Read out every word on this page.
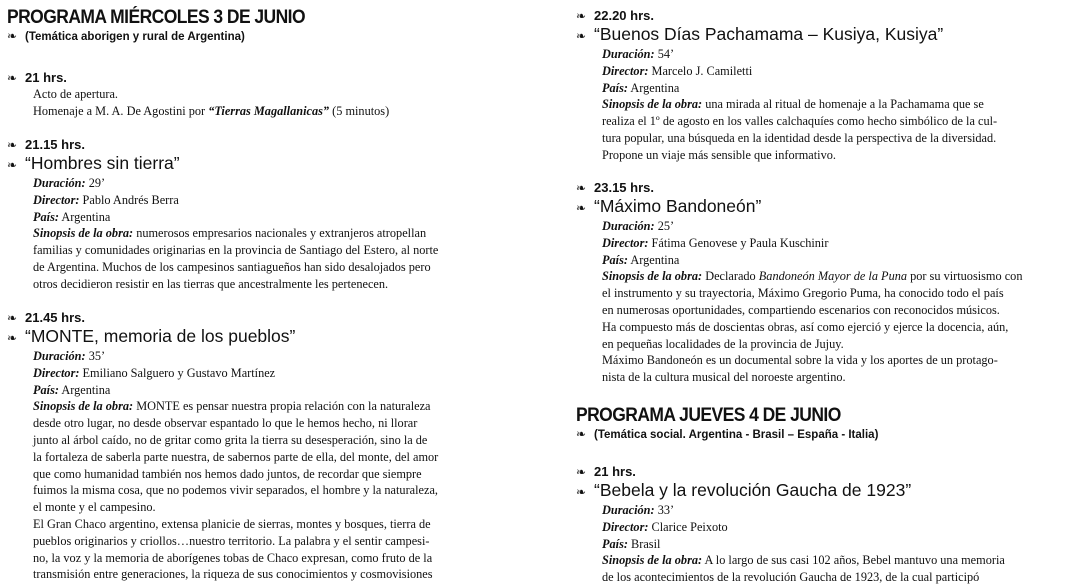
PROGRAMA MIÉRCOLES 3 DE JUNIO
❧ (Temática aborigen y rural de Argentina)
❧ 21 hrs.
Acto de apertura.
Homenaje a M. A. De Agostini por “Tierras Magallanicas” (5 minutos)
❧ 21.15 hrs.
❧ “Hombres sin tierra”
Duración: 29’
Director: Pablo Andrés Berra
País: Argentina
Sinopsis de la obra: numerosos empresarios nacionales y extranjeros atropellan
familias y comunidades originarias en la provincia de Santiago del Estero, al norte
de Argentina. Muchos de los campesinos santiagueños han sido desalojados pero
otros decidieron resistir en las tierras que ancestralmente les pertenecen.
❧ 21.45 hrs.
❧ “MONTE, memoria de los pueblos”
Duración: 35’
Director: Emiliano Salguero y Gustavo Martínez
País: Argentina
Sinopsis de la obra: MONTE es pensar nuestra propia relación con la naturaleza
desde otro lugar, no desde observar espantado lo que le hemos hecho, ni llorar
junto al árbol caído, no de gritar como grita la tierra su desesperación, sino la de
la fortaleza de saberla parte nuestra, de sabernos parte de ella, del monte, del amor
que como humanidad también nos hemos dado juntos, de recordar que siempre
fuimos la misma cosa, que no podemos vivir separados, el hombre y la naturaleza,
el monte y el campesino.
El Gran Chaco argentino, extensa planicie de sierras, montes y bosques, tierra de
pueblos originarios y criollos…nuestro territorio. La palabra y el sentir campesi-
no, la voz y la memoria de aborígenes tobas de Chaco expresan, como fruto de la
transmisión entre generaciones, la riqueza de sus conocimientos y cosmovisiones
❧ 22.20 hrs.
❧ “Buenos Días Pachamama – Kusiya, Kusiya”
Duración: 54’
Director: Marcelo J. Camiletti
País: Argentina
Sinopsis de la obra: una mirada al ritual de homenaje a la Pachamama que se
realiza el 1º de agosto en los valles calchaquíes como hecho simbólico de la cul-
tura popular, una búsqueda en la identidad desde la perspectiva de la diversidad.
Propone un viaje más sensible que informativo.
❧ 23.15 hrs.
❧ “Máximo Bandoneón”
Duración: 25’
Director: Fátima Genovese y Paula Kuschinir
País: Argentina
Sinopsis de la obra: Declarado Bandoneón Mayor de la Puna por su virtuosismo con
el instrumento y su trayectoria, Máximo Gregorio Puma, ha conocido todo el país
en numerosas oportunidades, compartiendo escenarios con reconocidos músicos.
Ha compuesto más de doscientas obras, así como ejerció y ejerce la docencia, aún,
en pequeñas localidades de la provincia de Jujuy.
Máximo Bandoneón es un documental sobre la vida y los aportes de un protago-
nista de la cultura musical del noroeste argentino.
PROGRAMA JUEVES 4 DE JUNIO
❧ (Temática social. Argentina - Brasil – España - Italia)
❧ 21 hrs.
❧ “Bebela y la revolución Gaucha de 1923”
Duración: 33’
Director: Clarice Peixoto
País: Brasil
Sinopsis de la obra: A lo largo de sus casi 102 años, Bebel mantuvo una memoria
de los acontecimientos de la revolución Gaucha de 1923, de la cual participó
